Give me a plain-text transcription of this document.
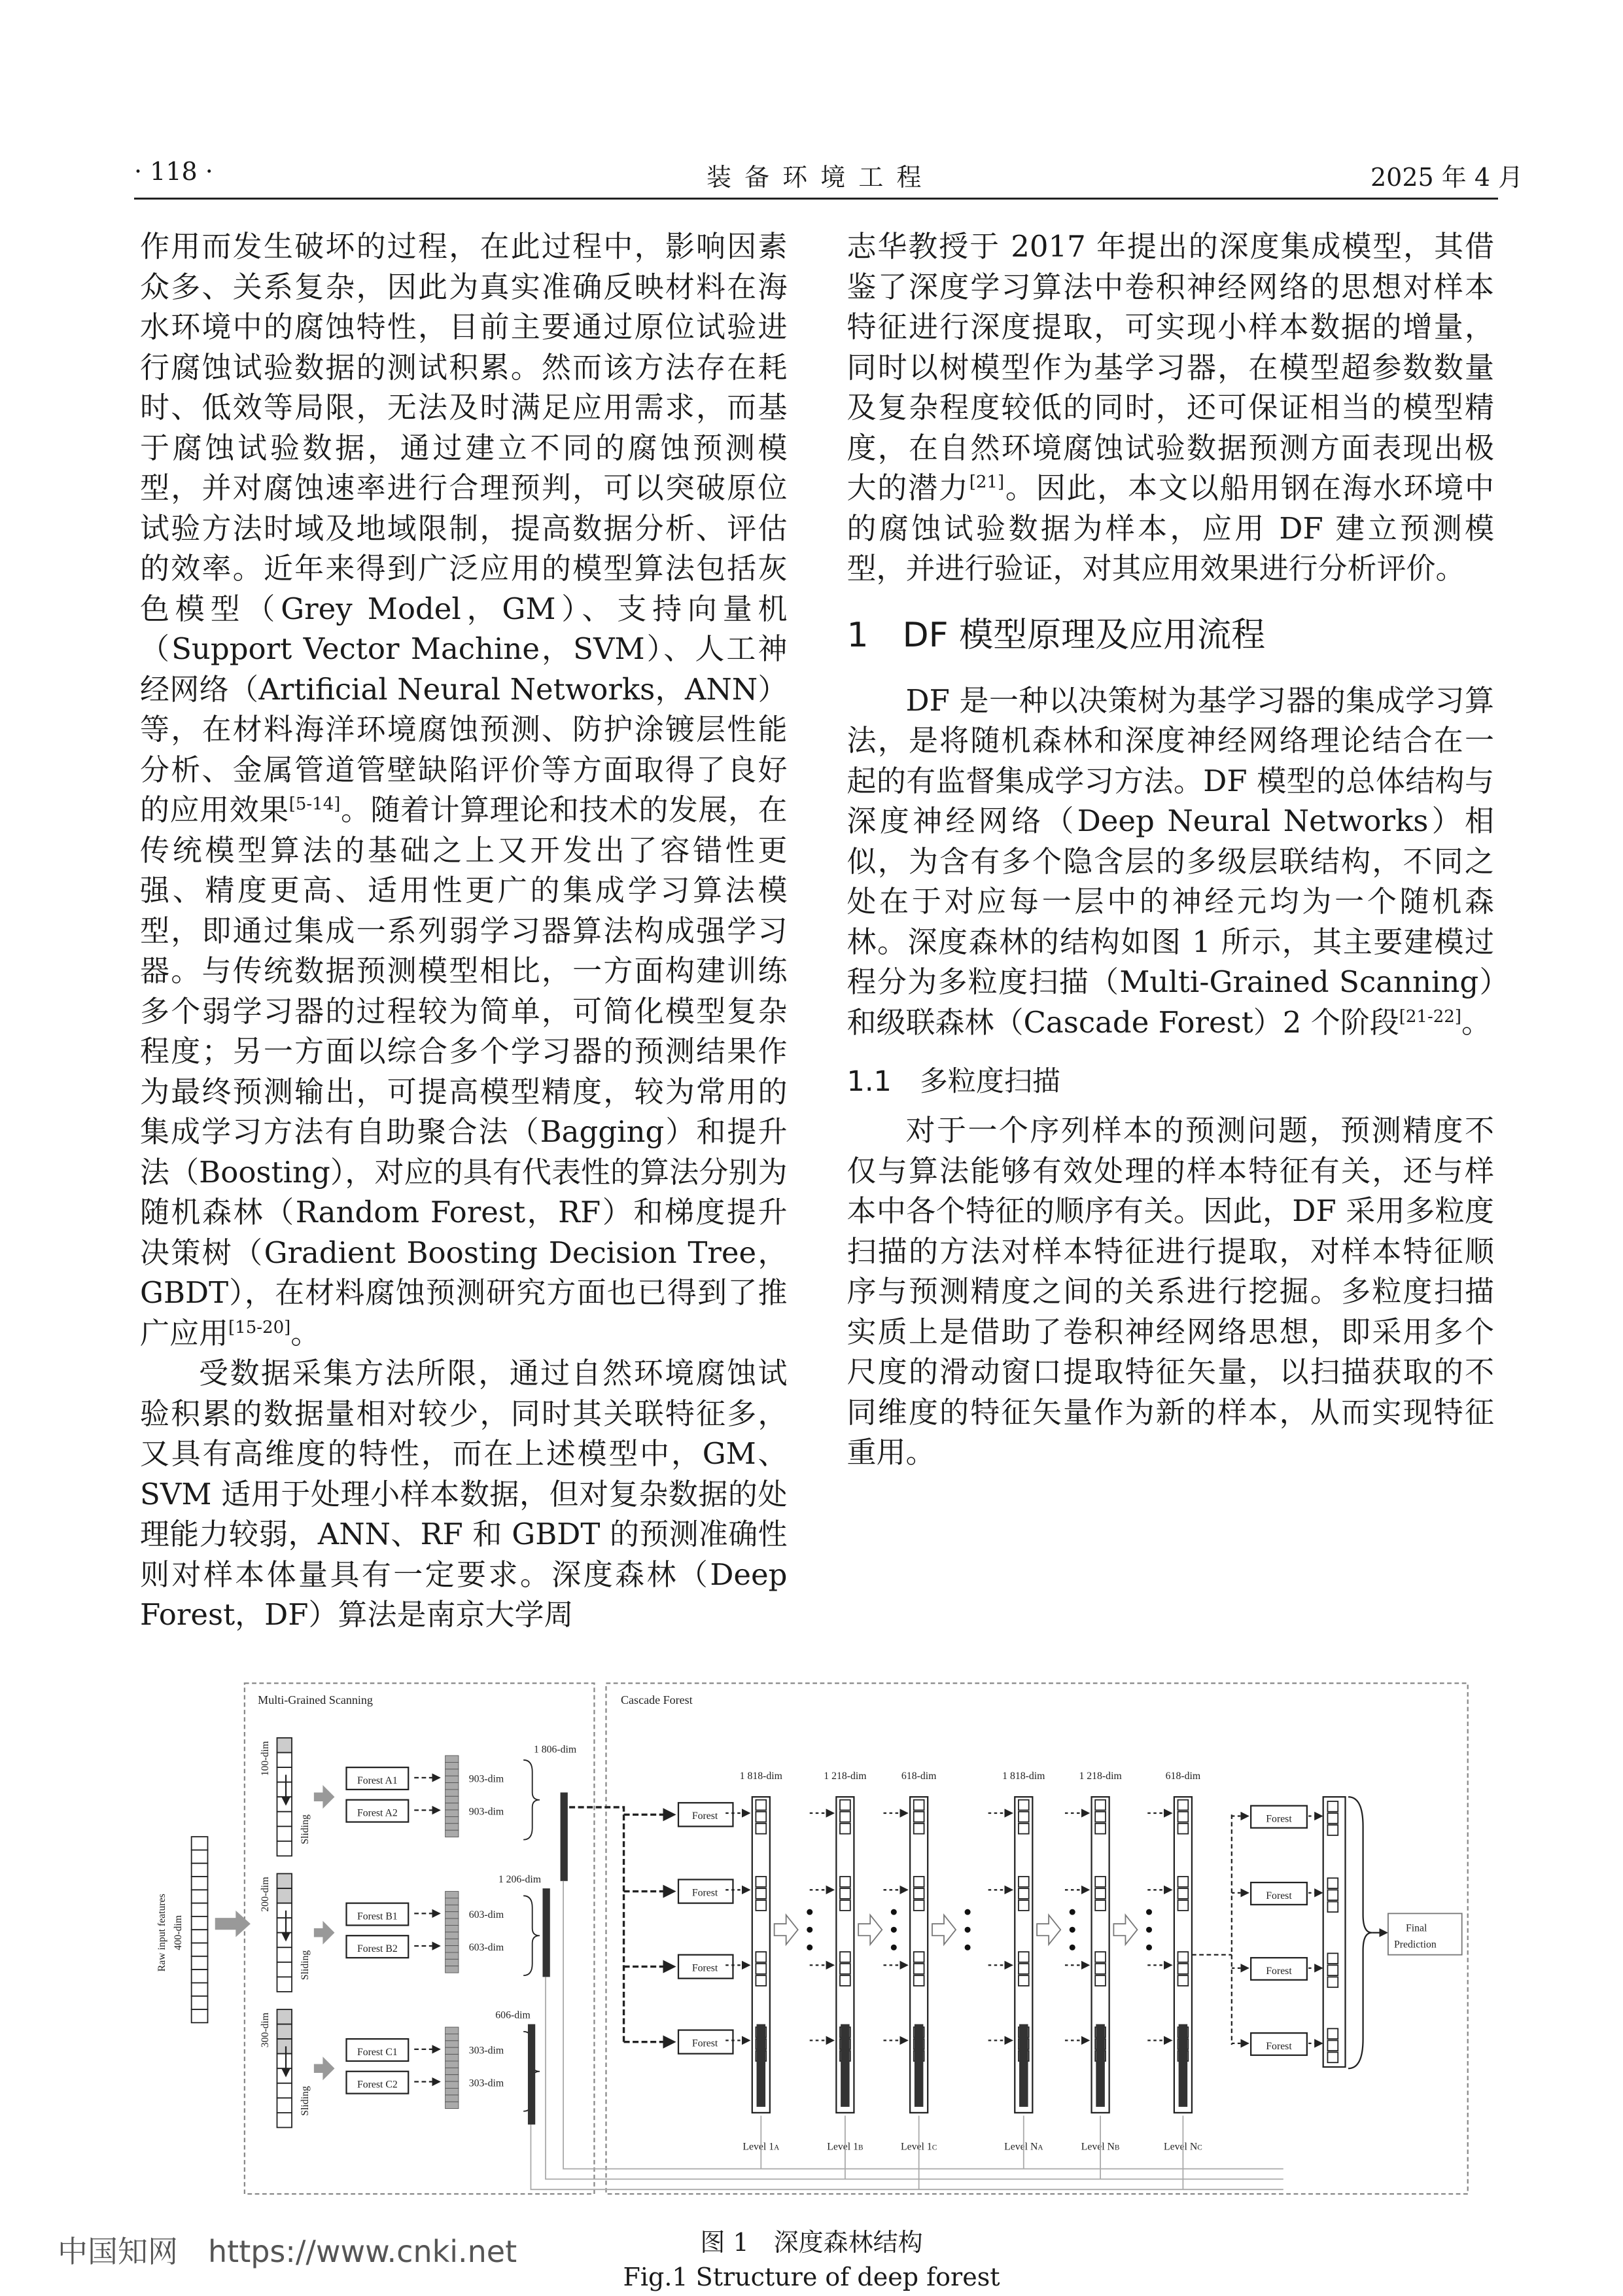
· 118 ·	装 备 环 境 工 程	2025 年 4 月

作用而发生破坏的过程，在此过程中，影响因素众多、关系复杂，因此为真实准确反映材料在海水环境中的腐蚀特性，目前主要通过原位试验进行腐蚀试验数据的测试积累。然而该方法存在耗时、低效等局限，无法及时满足应用需求，而基于腐蚀试验数据，通过建立不同的腐蚀预测模型，并对腐蚀速率进行合理预判，可以突破原位试验方法时域及地域限制，提高数据分析、评估的效率。近年来得到广泛应用的模型算法包括灰色模型（Grey Model，GM）、支持向量机（Support Vector Machine，SVM）、人工神经网络（Artificial Neural Networks，ANN）等，在材料海洋环境腐蚀预测、防护涂镀层性能分析、金属管道管壁缺陷评价等方面取得了良好的应用效果[5-14]。随着计算理论和技术的发展，在传统模型算法的基础之上又开发出了容错性更强、精度更高、适用性更广的集成学习算法模型，即通过集成一系列弱学习器算法构成强学习器。与传统数据预测模型相比，一方面构建训练多个弱学习器的过程较为简单，可简化模型复杂程度；另一方面以综合多个学习器的预测结果作为最终预测输出，可提高模型精度，较为常用的集成学习方法有自助聚合法（Bagging）和提升法（Boosting），对应的具有代表性的算法分别为随机森林（Random Forest，RF）和梯度提升决策树（Gradient Boosting Decision Tree，GBDT），在材料腐蚀预测研究方面也已得到了推广应用[15-20]。

受数据采集方法所限，通过自然环境腐蚀试验积累的数据量相对较少，同时其关联特征多，又具有高维度的特性，而在上述模型中，GM、SVM 适用于处理小样本数据，但对复杂数据的处理能力较弱，ANN、RF 和 GBDT 的预测准确性则对样本体量具有一定要求。深度森林（Deep Forest，DF）算法是南京大学周

志华教授于 2017 年提出的深度集成模型，其借鉴了深度学习算法中卷积神经网络的思想对样本特征进行深度提取，可实现小样本数据的增量，同时以树模型作为基学习器，在模型超参数数量及复杂程度较低的同时，还可保证相当的模型精度，在自然环境腐蚀试验数据预测方面表现出极大的潜力[21]。因此，本文以船用钢在海水环境中的腐蚀试验数据为样本，应用 DF 建立预测模型，并进行验证，对其应用效果进行分析评价。

1　DF 模型原理及应用流程

DF 是一种以决策树为基学习器的集成学习算法，是将随机森林和深度神经网络理论结合在一起的有监督集成学习方法。DF 模型的总体结构与深度神经网络（Deep Neural Networks）相似，为含有多个隐含层的多级层联结构，不同之处在于对应每一层中的神经元均为一个随机森林。深度森林的结构如图 1 所示，其主要建模过程分为多粒度扫描（Multi-Grained Scanning）和级联森林（Cascade Forest）2 个阶段[21-22]。

1.1　多粒度扫描

对于一个序列样本的预测问题，预测精度不仅与算法能够有效处理的样本特征有关，还与样本中各个特征的顺序有关。因此，DF 采用多粒度扫描的方法对样本特征进行提取，对样本特征顺序与预测精度之间的关系进行挖掘。多粒度扫描实质上是借助了卷积神经网络思想，即采用多个尺度的滑动窗口提取特征矢量，以扫描获取的不同维度的特征矢量作为新的样本，从而实现特征重用。

Multi-Grained Scanning	Cascade Forest
Raw input features 400-dim
100-dim
Sliding
Forest A1	903-dim
Forest A2	903-dim
200-dim
Sliding
Forest B1	603-dim
Forest B2	603-dim
300-dim
Sliding
Forest C1	303-dim
Forest C2	303-dim
1 806-dim
1 206-dim
606-dim
Forest
Forest
Forest
Forest
1 818-dim
Level 1A
1 218-dim
Level 1B
618-dim
Level 1C
1 818-dim
Level NA
1 218-dim
Level NB
618-dim
Level NC
Forest
Forest
Forest
Forest
Final
Prediction
图 1　深度森林结构
Fig.1 Structure of deep forest
中国知网　https://www.cnki.net
